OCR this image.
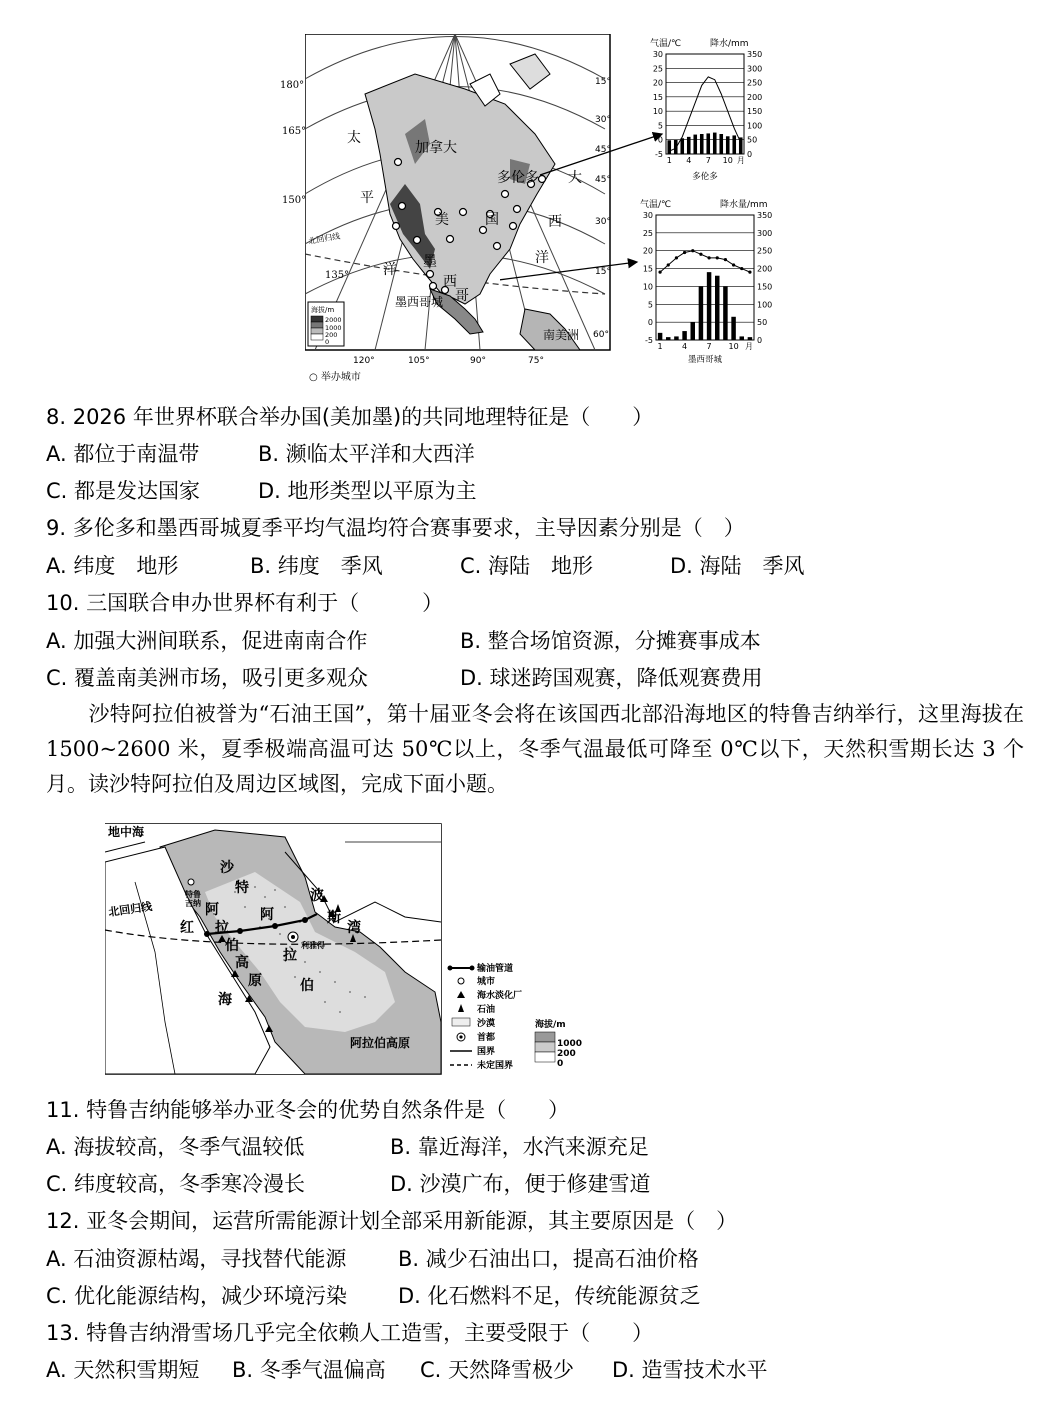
太
平
洋
大
西
洋
加拿大
美	国
墨
西
哥
多伦多
墨西哥城
南美洲
北回归线
海拔/m
2000
1000
200
0
120°	105°	90°	75°
○ 举办城市
15°
30°
45°
45°
30°
15°
60°
180°
165°
150°
135°
30	350
25	300
20	250
15	200
10	150
5	100
0	50
-5	0
气温/℃	降水/mm
1 4 7 10 月
多伦多
30	350
25	300
20	250
15	200
10	150
5	100
0	50
-5	0
气温/℃	降水量/mm
1 4 7 10 月
墨西哥城
8. 2026 年世界杯联合举办国(美加墨)的共同地理特征是（　　）
A. 都位于南温带	B. 濒临太平洋和大西洋
C. 都是发达国家	D. 地形类型以平原为主
9. 多伦多和墨西哥城夏季平均气温均符合赛事要求，主导因素分别是（　）
A. 纬度　地形	B. 纬度　季风	C. 海陆　地形	D. 海陆　季风
10. 三国联合申办世界杯有利于（　　　）
A. 加强大洲间联系，促进南南合作	B. 整合场馆资源，分摊赛事成本
C. 覆盖南美洲市场，吸引更多观众	D. 球迷跨国观赛，降低观赛费用
　　沙特阿拉伯被誉为“石油王国”，第十届亚冬会将在该国西北部沿海地区的特鲁吉纳举行，这里海拔在 1500~2600 米，夏季极端高温可达 50℃以上，冬季气温最低可降至 0℃以下，天然积雪期长达 3 个月。读沙特阿拉伯及周边区域图，完成下面小题。
地中海
沙
特
阿	阿
拉
拉
伯
伯
高
原
红
海
波
斯
湾
特鲁
吉纳
利雅得
北回归线
阿拉伯高原
输油管道
城市
海水淡化厂
石油
沙漠
首都
国界
未定国界
海拔/m
1000
200
0
11. 特鲁吉纳能够举办亚冬会的优势自然条件是（　　）
A. 海拔较高，冬季气温较低	B. 靠近海洋，水汽来源充足
C. 纬度较高，冬季寒冷漫长	D. 沙漠广布，便于修建雪道
12. 亚冬会期间，运营所需能源计划全部采用新能源，其主要原因是（　）
A. 石油资源枯竭，寻找替代能源 B. 减少石油出口，提高石油价格
C. 优化能源结构，减少环境污染 D. 化石燃料不足，传统能源贫乏
13. 特鲁吉纳滑雪场几乎完全依赖人工造雪，主要受限于（　　）
A. 天然积雪期短 B. 冬季气温偏高 C. 天然降雪极少 D. 造雪技术水平
